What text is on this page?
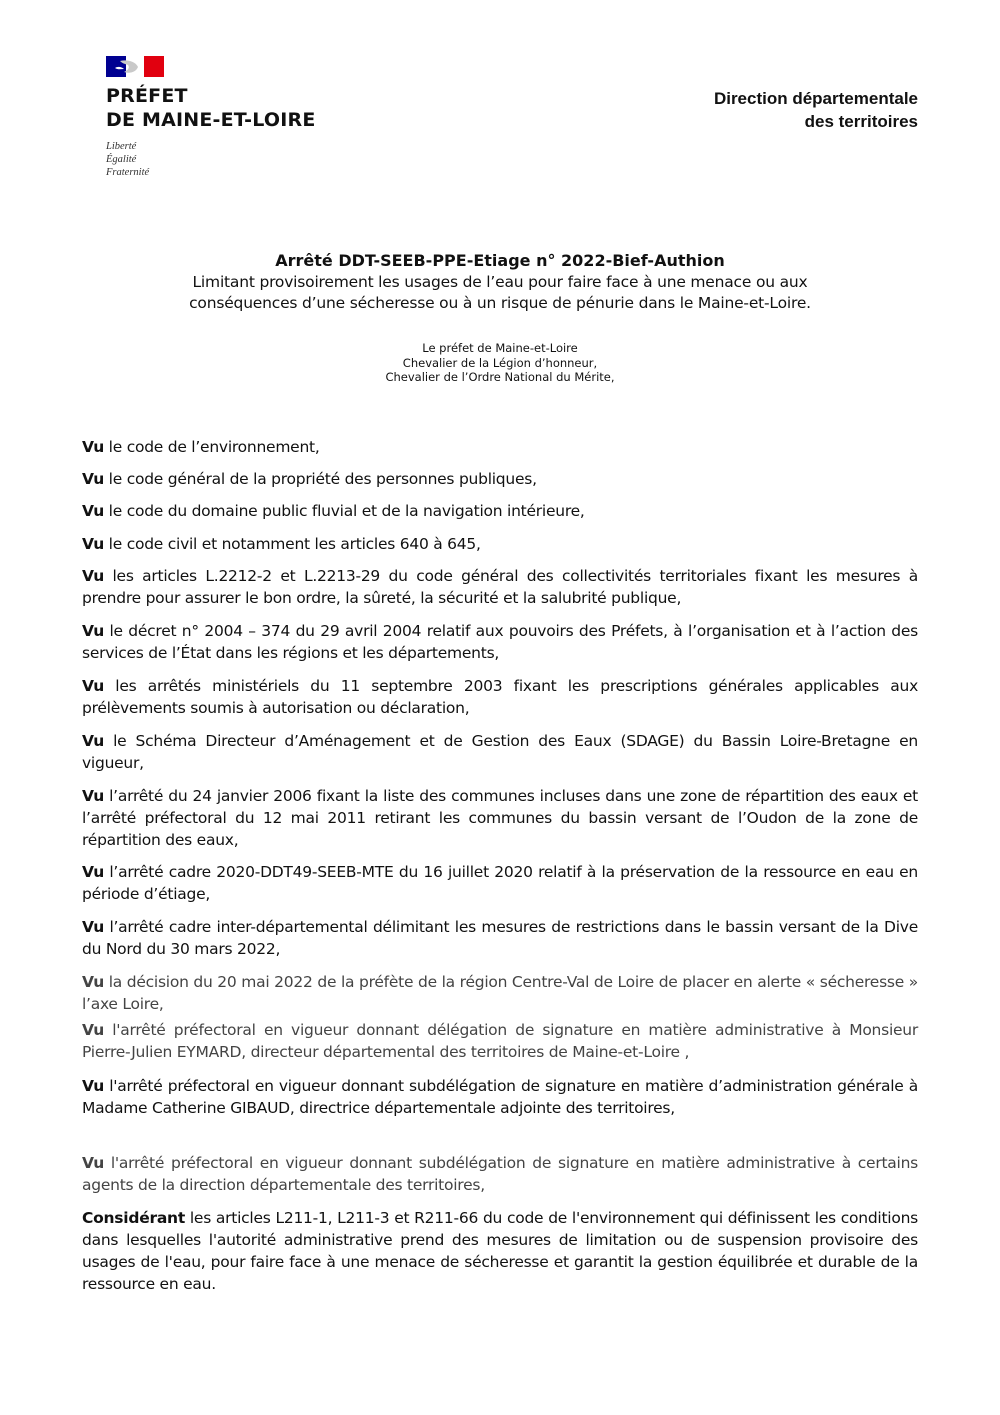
PRÉFET
DE MAINE-ET-LOIRE
Liberté
Égalité
Fraternité
Direction départementale
des territoires
Arrêté DDT-SEEB-PPE-Etiage n° 2022-Bief-Authion
Limitant provisoirement les usages de l’eau pour faire face à une menace ou aux
conséquences d’une sécheresse ou à un risque de pénurie dans le Maine-et-Loire.
Le préfet de Maine-et-Loire
Chevalier de la Légion d’honneur,
Chevalier de l’Ordre National du Mérite,
Vu le code de l’environnement,
Vu le code général de la propriété des personnes publiques,
Vu le code du domaine public fluvial et de la navigation intérieure,
Vu le code civil et notamment les articles 640 à 645,
Vu les articles L.2212-2 et L.2213-29 du code général des collectivités territoriales fixant les mesures à prendre pour assurer le bon ordre, la sûreté, la sécurité et la salubrité publique,
Vu le décret n° 2004 – 374 du 29 avril 2004 relatif aux pouvoirs des Préfets, à l’organisation et à l’action des services de l’État dans les régions et les départements,
Vu les arrêtés ministériels du 11 septembre 2003 fixant les prescriptions générales applicables aux prélèvements soumis à autorisation ou déclaration,
Vu le Schéma Directeur d’Aménagement et de Gestion des Eaux (SDAGE) du Bassin Loire-Bretagne en vigueur,
Vu l’arrêté du 24 janvier 2006 fixant la liste des communes incluses dans une zone de répartition des eaux et l’arrêté préfectoral du 12 mai 2011 retirant les communes du bassin versant de l’Oudon de la zone de répartition des eaux,
Vu l’arrêté cadre 2020-DDT49-SEEB-MTE du 16 juillet 2020 relatif à la préservation de la ressource en eau en période d’étiage,
Vu l’arrêté cadre inter-départemental délimitant les mesures de restrictions dans le bassin versant de la Dive du Nord du 30 mars 2022,
Vu la décision du 20 mai 2022 de la préfète de la région Centre-Val de Loire de placer en alerte « sécheresse » l’axe Loire,
Vu l'arrêté préfectoral en vigueur donnant délégation de signature en matière administrative à Monsieur Pierre-Julien EYMARD, directeur départemental des territoires de Maine-et-Loire ,
Vu l'arrêté préfectoral en vigueur donnant subdélégation de signature en matière d’administration générale à Madame Catherine GIBAUD, directrice départementale adjointe des territoires,
Vu l'arrêté préfectoral en vigueur donnant subdélégation de signature en matière administrative à certains agents de la direction départementale des territoires,
Considérant les articles L211-1, L211-3 et R211-66 du code de l'environnement qui définissent les conditions dans lesquelles l'autorité administrative prend des mesures de limitation ou de suspension provisoire des usages de l'eau, pour faire face à une menace de sécheresse et garantit la gestion équilibrée et durable de la ressource en eau.
